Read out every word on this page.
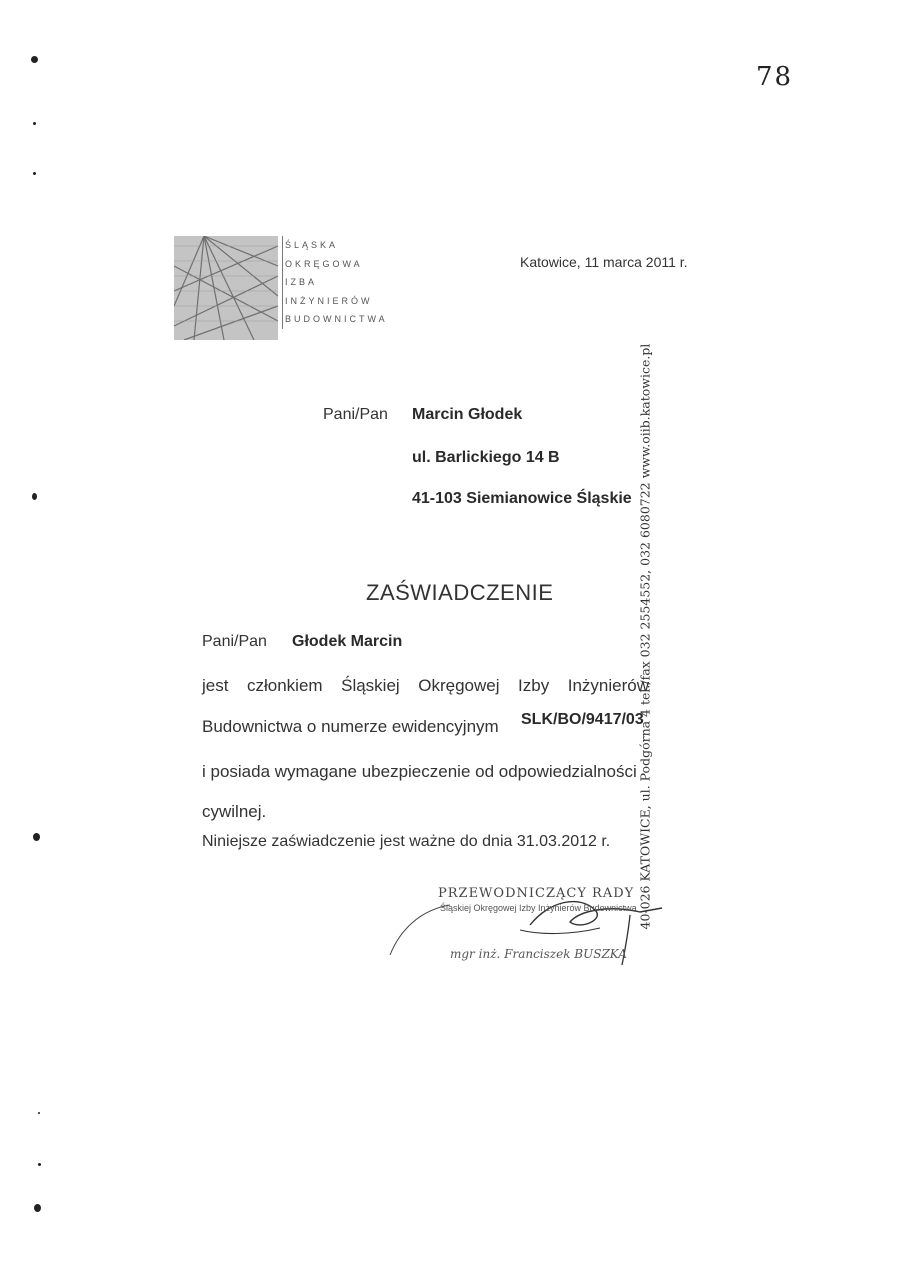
78
ŚLĄSKA
OKRĘGOWA
IZBA
INŻYNIERÓW
BUDOWNICTWA
Katowice, 11 marca 2011 r.
Pani/Pan Marcin Głodek
ul. Barlickiego 14 B
41-103 Siemianowice Śląskie
ZAŚWIADCZENIE
Pani/Pan Głodek Marcin
jest członkiem Śląskiej Okręgowej Izby Inżynierów
Budownictwa o numerze ewidencyjnym SLK/BO/9417/03
i posiada wymagane ubezpieczenie od odpowiedzialności
cywilnej.
Niniejsze zaświadczenie jest ważne do dnia 31.03.2012 r.
PRZEWODNICZĄCY RADY
Śląskiej Okręgowej Izby Inżynierów Budownictwa
mgr inż. Franciszek BUSZKA
40-026 KATOWICE, ul. Podgórna 4 tel./fax 032 2554552, 032 6080722 www.oiib.katowice.pl
